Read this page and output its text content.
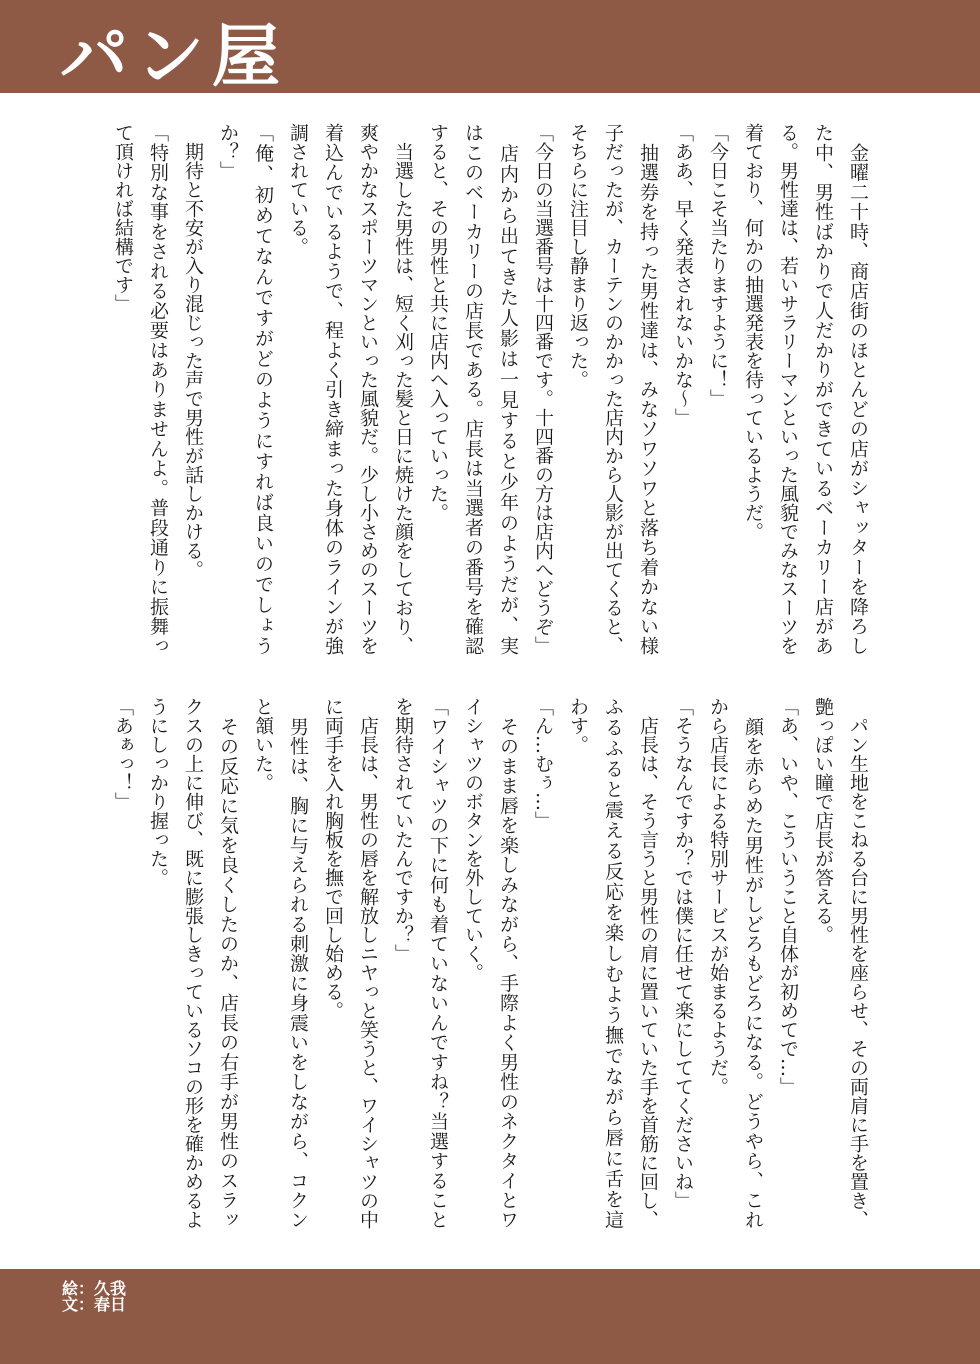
パン屋

　金曜二十時、商店街のほとんどの店がシャッターを降ろし

た中、男性ばかりで人だかりができているベーカリー店があ

る。男性達は、若いサラリーマンといった風貌でみなスーツを

着ており、何かの抽選発表を待っているようだ。

「今日こそ当たりますように！」

「ああ、早く発表されないかな〜」

　抽選券を持った男性達は、みなソワソワと落ち着かない様

子だったが、カーテンのかかった店内から人影が出てくると、

そちらに注目し静まり返った。

「今日の当選番号は十四番です。十四番の方は店内へどうぞ」

　店内から出てきた人影は一見すると少年のようだが、実

はこのベーカリーの店長である。店長は当選者の番号を確認

すると、その男性と共に店内へ入っていった。

　当選した男性は、短く刈った髪と日に焼けた顔をしており、

爽やかなスポーツマンといった風貌だ。少し小さめのスーツを

着込んでいるようで、程よく引き締まった身体のラインが強

調されている。

「俺、初めてなんですがどのようにすれば良いのでしょう

か？」

　期待と不安が入り混じった声で男性が話しかける。

「特別な事をされる必要はありませんよ。普段通りに振舞っ

て頂ければ結構です」

　パン生地をこねる台に男性を座らせ、その両肩に手を置き、

艶っぽい瞳で店長が答える。

「あ、いや、こういうこと自体が初めてで…」

　顔を赤らめた男性がしどろもどろになる。どうやら、これ

から店長による特別サービスが始まるようだ。

「そうなんですか？では僕に任せて楽にしててくださいね」

　店長は、そう言うと男性の肩に置いていた手を首筋に回し、

ふるふると震える反応を楽しむよう撫でながら唇に舌を這

わす。

「ん…むぅ…」

　そのまま唇を楽しみながら、手際よく男性のネクタイとワ

イシャツのボタンを外していく。

「ワイシャツの下に何も着ていないんですね？当選すること

を期待されていたんですか？」

　店長は、男性の唇を解放しニヤっと笑うと、ワイシャツの中

に両手を入れ胸板を撫で回し始める。

　男性は、胸に与えられる刺激に身震いをしながら、コクン

と頷いた。

　その反応に気を良くしたのか、店長の右手が男性のスラッ

クスの上に伸び、既に膨張しきっているソコの形を確かめるよ

うにしっかり握った。

「あぁっ！」

絵：久我
文：春日
